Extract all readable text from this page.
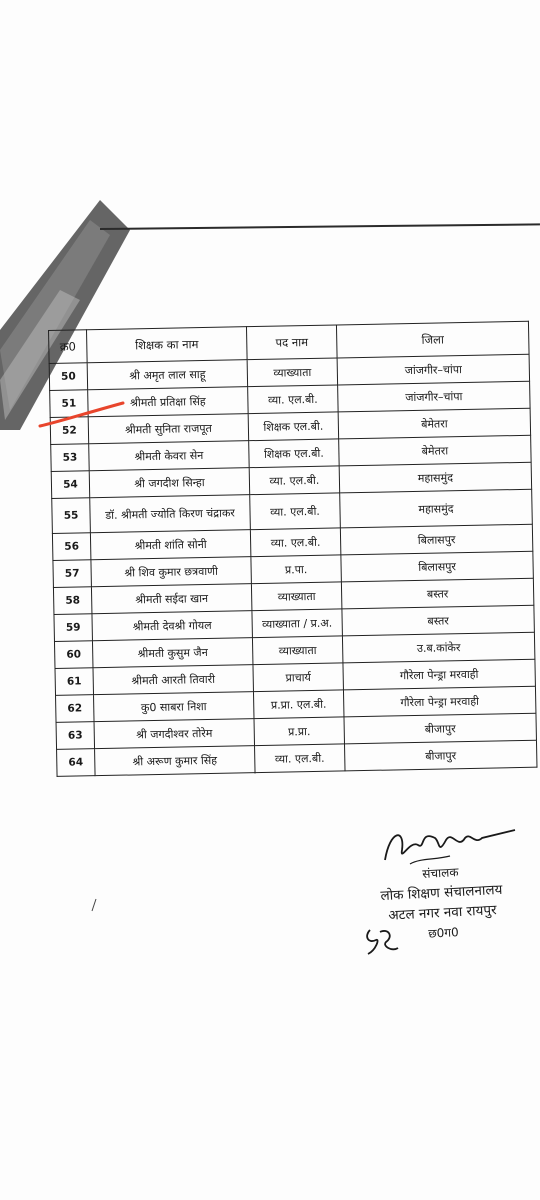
क्र0	शिक्षक का नाम	पद नाम	जिला
50	श्री अमृत लाल साहू	व्याख्याता	जांजगीर–चांपा
51	श्रीमती प्रतिक्षा सिंह	व्या. एल.बी.	जांजगीर–चांपा
52	श्रीमती सुनिता राजपूत	शिक्षक एल.बी.	बेमेतरा
53	श्रीमती केवरा सेन	शिक्षक एल.बी.	बेमेतरा
54	श्री जगदीश सिन्हा	व्या. एल.बी.	महासमुंद
55	डॉ. श्रीमती ज्योति किरण चंद्राकर	व्या. एल.बी.	महासमुंद
56	श्रीमती शांति सोनी	व्या. एल.बी.	बिलासपुर
57	श्री शिव कुमार छत्रवाणी	प्र.पा.	बिलासपुर
58	श्रीमती सईदा खान	व्याख्याता	बस्तर
59	श्रीमती देवश्री गोयल	व्याख्याता / प्र.अ.	बस्तर
60	श्रीमती कुसुम जैन	व्याख्याता	उ.ब.कांकेर
61	श्रीमती आरती तिवारी	प्राचार्य	गौरेला पेन्ड्रा मरवाही
62	कु0 साबरा निशा	प्र.प्रा. एल.बी.	गौरेला पेन्ड्रा मरवाही
63	श्री जगदीश्वर तोरेम	प्र.प्रा.	बीजापुर
64	श्री अरूण कुमार सिंह	व्या. एल.बी.	बीजापुर
संचालक
लोक शिक्षण संचालनालय
अटल नगर नवा रायपुर
छ0ग0
